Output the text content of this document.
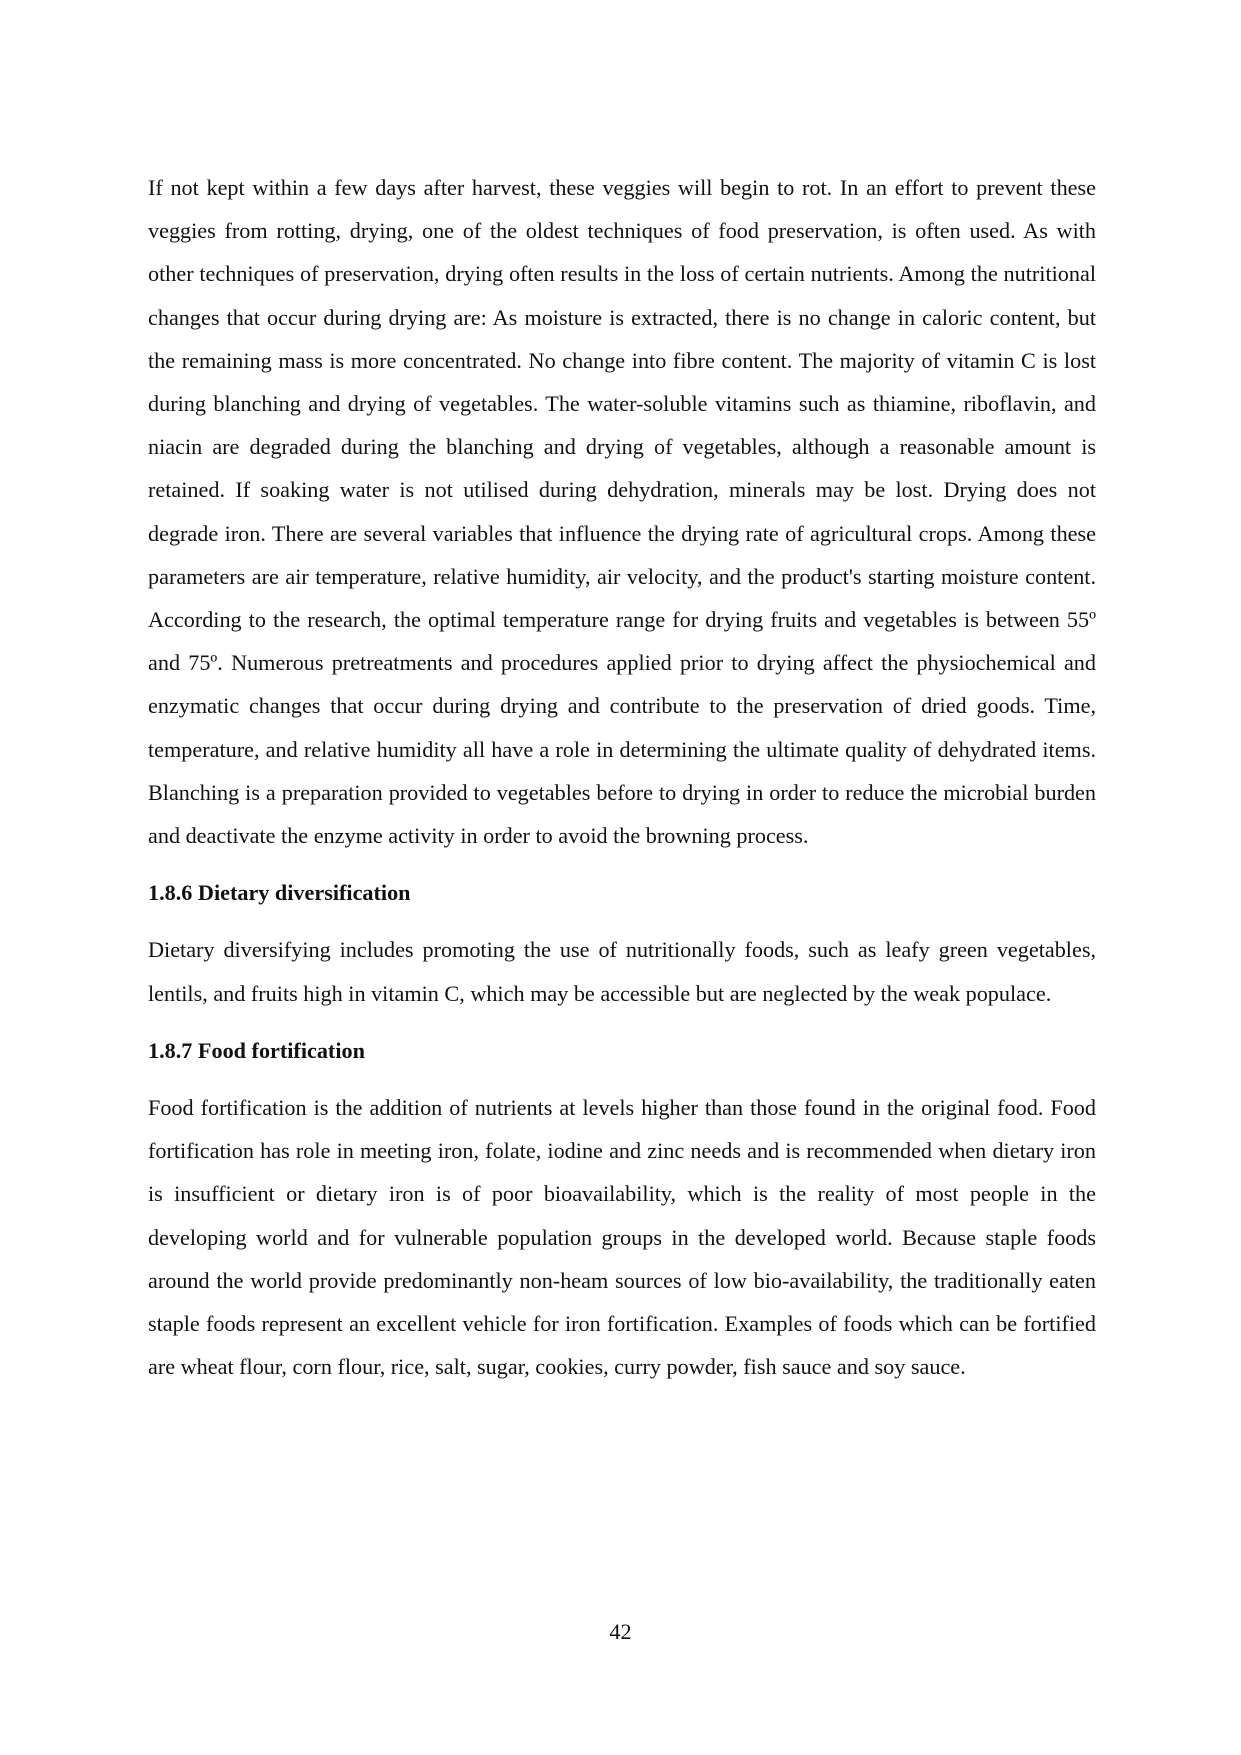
If not kept within a few days after harvest, these veggies will begin to rot. In an effort to prevent these veggies from rotting, drying, one of the oldest techniques of food preservation, is often used. As with other techniques of preservation, drying often results in the loss of certain nutrients. Among the nutritional changes that occur during drying are: As moisture is extracted, there is no change in caloric content, but the remaining mass is more concentrated. No change into fibre content. The majority of vitamin C is lost during blanching and drying of vegetables. The water-soluble vitamins such as thiamine, riboflavin, and niacin are degraded during the blanching and drying of vegetables, although a reasonable amount is retained. If soaking water is not utilised during dehydration, minerals may be lost. Drying does not degrade iron. There are several variables that influence the drying rate of agricultural crops. Among these parameters are air temperature, relative humidity, air velocity, and the product's starting moisture content. According to the research, the optimal temperature range for drying fruits and vegetables is between 55º and 75º. Numerous pretreatments and procedures applied prior to drying affect the physiochemical and enzymatic changes that occur during drying and contribute to the preservation of dried goods. Time, temperature, and relative humidity all have a role in determining the ultimate quality of dehydrated items. Blanching is a preparation provided to vegetables before to drying in order to reduce the microbial burden and deactivate the enzyme activity in order to avoid the browning process.

1.8.6 Dietary diversification

Dietary diversifying includes promoting the use of nutritionally foods, such as leafy green vegetables, lentils, and fruits high in vitamin C, which may be accessible but are neglected by the weak populace.

1.8.7 Food fortification

Food fortification is the addition of nutrients at levels higher than those found in the original food. Food fortification has role in meeting iron, folate, iodine and zinc needs and is recommended when dietary iron is insufficient or dietary iron is of poor bioavailability, which is the reality of most people in the developing world and for vulnerable population groups in the developed world. Because staple foods around the world provide predominantly non-heam sources of low bio-availability, the traditionally eaten staple foods represent an excellent vehicle for iron fortification. Examples of foods which can be fortified are wheat flour, corn flour, rice, salt, sugar, cookies, curry powder, fish sauce and soy sauce.

42
